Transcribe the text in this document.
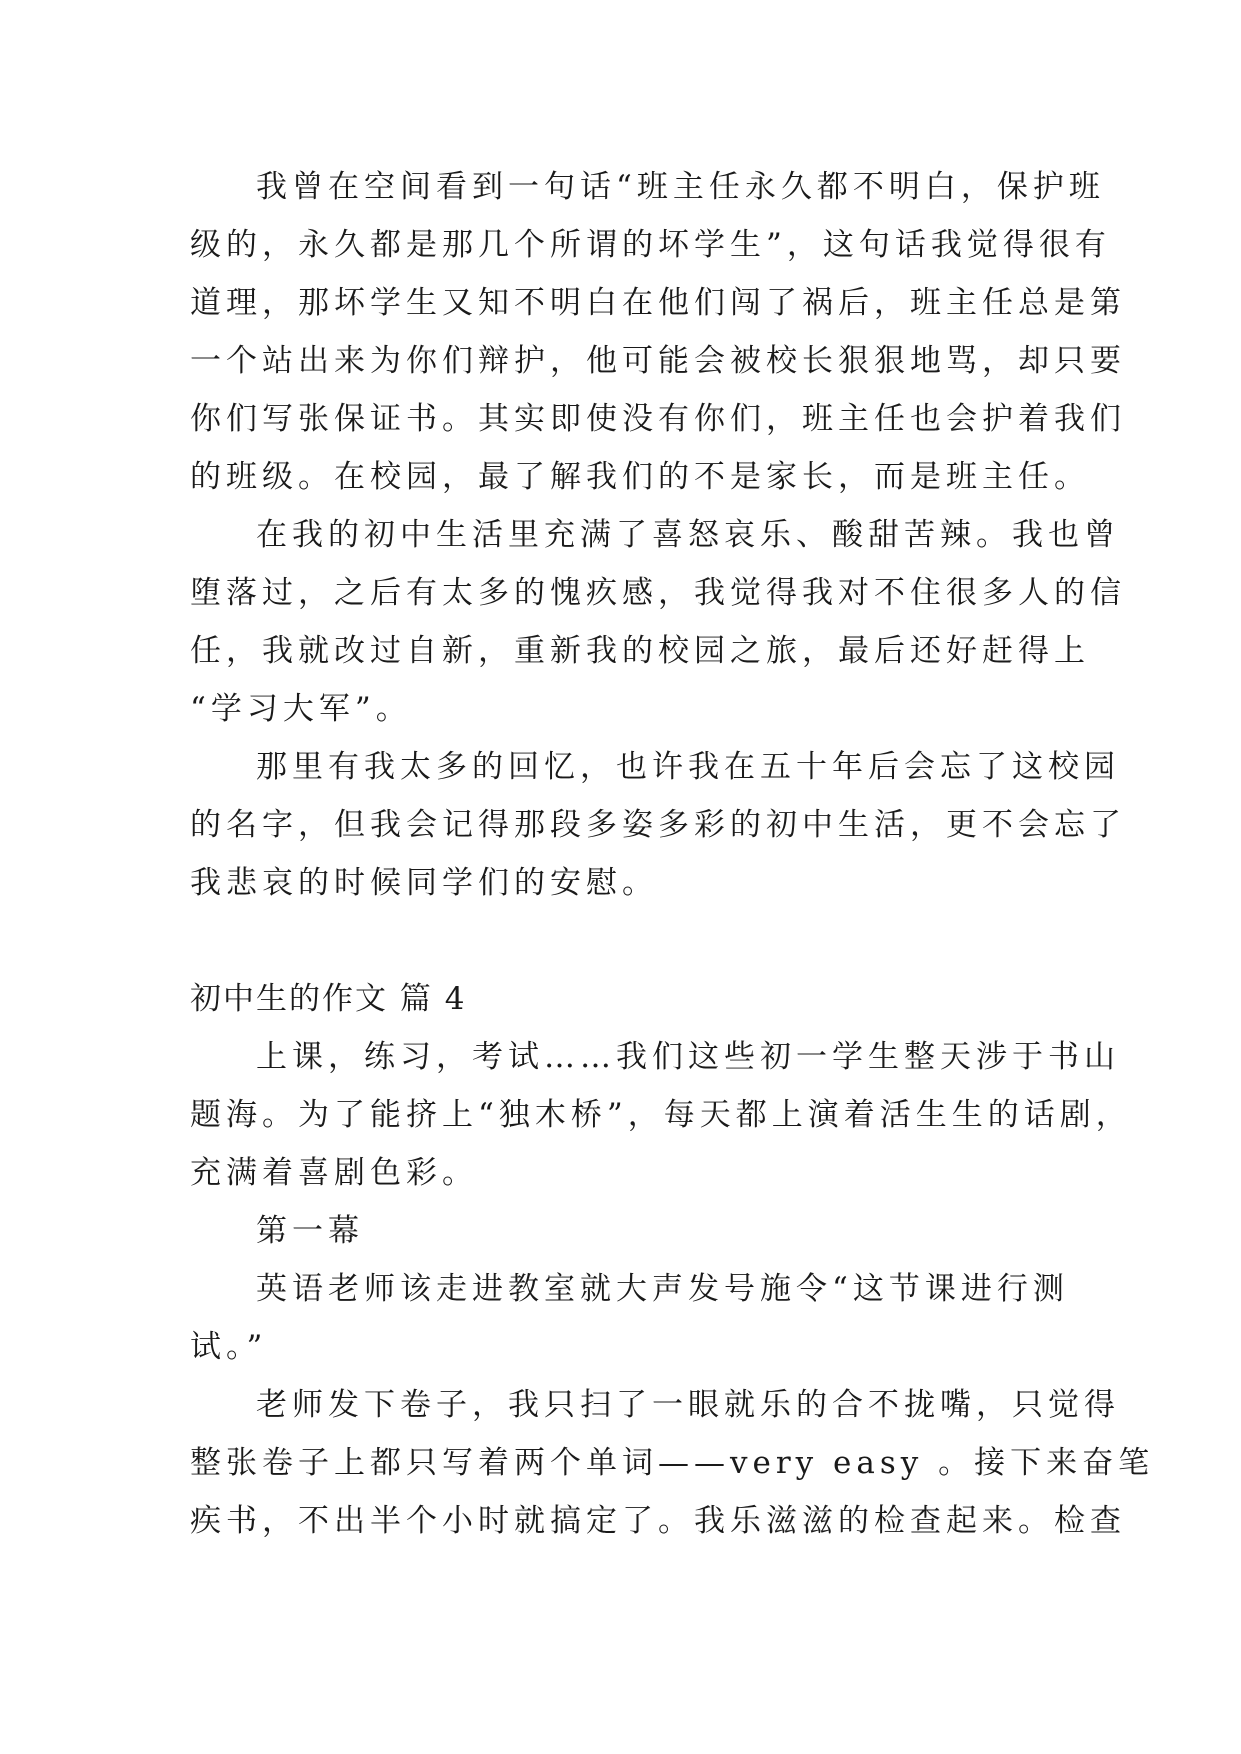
我曾在空间看到一句话“班主任永久都不明白，保护班
级的，永久都是那几个所谓的坏学生”，这句话我觉得很有
道理，那坏学生又知不明白在他们闯了祸后，班主任总是第
一个站出来为你们辩护，他可能会被校长狠狠地骂，却只要
你们写张保证书。其实即使没有你们，班主任也会护着我们
的班级。在校园，最了解我们的不是家长，而是班主任。
在我的初中生活里充满了喜怒哀乐、酸甜苦辣。我也曾
堕落过，之后有太多的愧疚感，我觉得我对不住很多人的信
任，我就改过自新，重新我的校园之旅，最后还好赶得上
“学习大军”。
那里有我太多的回忆，也许我在五十年后会忘了这校园
的名字，但我会记得那段多姿多彩的初中生活，更不会忘了
我悲哀的时候同学们的安慰。
初中生的作文 篇 4
上课，练习，考试……我们这些初一学生整天涉于书山
题海。为了能挤上“独木桥”，每天都上演着活生生的话剧，
充满着喜剧色彩。
第一幕
英语老师该走进教室就大声发号施令“这节课进行测
试。”
老师发下卷子，我只扫了一眼就乐的合不拢嘴，只觉得
整张卷子上都只写着两个单词——very easy 。接下来奋笔
疾书，不出半个小时就搞定了。我乐滋滋的检查起来。检查
